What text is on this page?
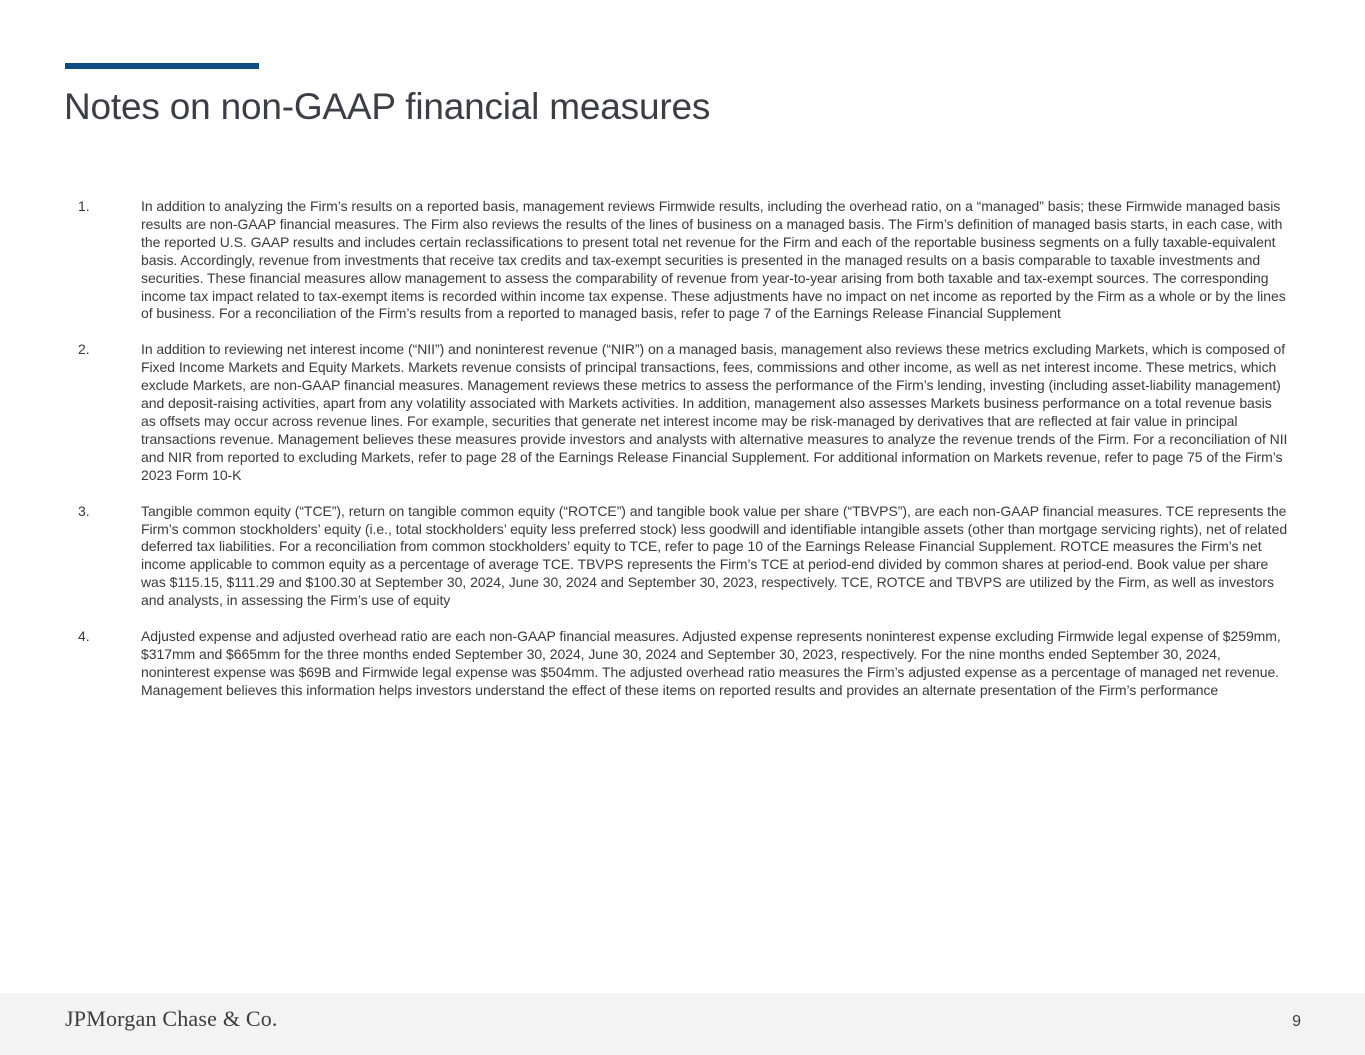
Notes on non-GAAP financial measures
1.	In addition to analyzing the Firm’s results on a reported basis, management reviews Firmwide results, including the overhead ratio, on a “managed” basis; these Firmwide managed basis results are non-GAAP financial measures. The Firm also reviews the results of the lines of business on a managed basis. The Firm’s definition of managed basis starts, in each case, with the reported U.S. GAAP results and includes certain reclassifications to present total net revenue for the Firm and each of the reportable business segments on a fully taxable-equivalent basis. Accordingly, revenue from investments that receive tax credits and tax-exempt securities is presented in the managed results on a basis comparable to taxable investments and securities. These financial measures allow management to assess the comparability of revenue from year-to-year arising from both taxable and tax-exempt sources. The corresponding income tax impact related to tax-exempt items is recorded within income tax expense. These adjustments have no impact on net income as reported by the Firm as a whole or by the lines of business. For a reconciliation of the Firm’s results from a reported to managed basis, refer to page 7 of the Earnings Release Financial Supplement
2.	In addition to reviewing net interest income (“NII”) and noninterest revenue (“NIR”) on a managed basis, management also reviews these metrics excluding Markets, which is composed of Fixed Income Markets and Equity Markets. Markets revenue consists of principal transactions, fees, commissions and other income, as well as net interest income. These metrics, which exclude Markets, are non-GAAP financial measures. Management reviews these metrics to assess the performance of the Firm’s lending, investing (including asset-liability management) and deposit-raising activities, apart from any volatility associated with Markets activities. In addition, management also assesses Markets business performance on a total revenue basis as offsets may occur across revenue lines. For example, securities that generate net interest income may be risk-managed by derivatives that are reflected at fair value in principal transactions revenue. Management believes these measures provide investors and analysts with alternative measures to analyze the revenue trends of the Firm. For a reconciliation of NII and NIR from reported to excluding Markets, refer to page 28 of the Earnings Release Financial Supplement. For additional information on Markets revenue, refer to page 75 of the Firm’s 2023 Form 10-K
3.	Tangible common equity (“TCE”), return on tangible common equity (“ROTCE”) and tangible book value per share (“TBVPS”), are each non-GAAP financial measures. TCE represents the Firm’s common stockholders’ equity (i.e., total stockholders’ equity less preferred stock) less goodwill and identifiable intangible assets (other than mortgage servicing rights), net of related deferred tax liabilities. For a reconciliation from common stockholders’ equity to TCE, refer to page 10 of the Earnings Release Financial Supplement. ROTCE measures the Firm’s net income applicable to common equity as a percentage of average TCE. TBVPS represents the Firm’s TCE at period-end divided by common shares at period-end. Book value per share was $115.15, $111.29 and $100.30 at September 30, 2024, June 30, 2024 and September 30, 2023, respectively. TCE, ROTCE and TBVPS are utilized by the Firm, as well as investors and analysts, in assessing the Firm’s use of equity
4.	Adjusted expense and adjusted overhead ratio are each non-GAAP financial measures. Adjusted expense represents noninterest expense excluding Firmwide legal expense of $259mm, $317mm and $665mm for the three months ended September 30, 2024, June 30, 2024 and September 30, 2023, respectively. For the nine months ended September 30, 2024, noninterest expense was $69B and Firmwide legal expense was $504mm. The adjusted overhead ratio measures the Firm’s adjusted expense as a percentage of managed net revenue. Management believes this information helps investors understand the effect of these items on reported results and provides an alternate presentation of the Firm’s performance
JPMorgan Chase & Co.	9
